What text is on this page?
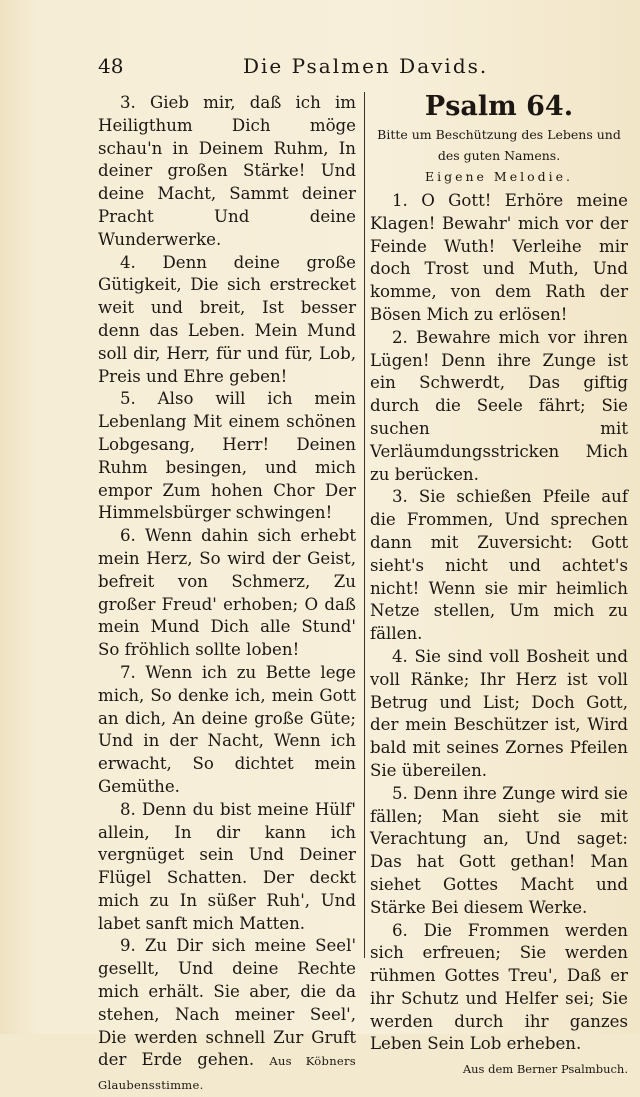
48	Die Psalmen Davids.

3. Gieb mir, daß ich im Heiligthum Dich möge schau'n in Deinem Ruhm, In deiner großen Stärke! Und deine Macht, Sammt deiner Pracht Und deine Wunderwerke.

4. Denn deine große Gütigkeit, Die sich erstrecket weit und breit, Ist besser denn das Leben. Mein Mund soll dir, Herr, für und für, Lob, Preis und Ehre geben!

5. Also will ich mein Lebenlang Mit einem schönen Lobgesang, Herr! Deinen Ruhm besingen, und mich empor Zum hohen Chor Der Himmelsbürger schwingen!

6. Wenn dahin sich erhebt mein Herz, So wird der Geist, befreit von Schmerz, Zu großer Freud' erhoben; O daß mein Mund Dich alle Stund' So fröhlich sollte loben!

7. Wenn ich zu Bette lege mich, So denke ich, mein Gott an dich, An deine große Güte; Und in der Nacht, Wenn ich erwacht, So dichtet mein Gemüthe.

8. Denn du bist meine Hülf' allein, In dir kann ich vergnüget sein Und Deiner Flügel Schatten. Der deckt mich zu In süßer Ruh', Und labet sanft mich Matten.

9. Zu Dir sich meine Seel' gesellt, Und deine Rechte mich erhält. Sie aber, die da stehen, Nach meiner Seel', Die werden schnell Zur Gruft der Erde gehen. Aus Köbners Glaubensstimme.

Psalm 64.

Bitte um Beschützung des Lebens und

des guten Namens.

Eigene Melodie.

1. O Gott! Erhöre meine Klagen! Bewahr' mich vor der Feinde Wuth! Verleihe mir doch Trost und Muth, Und komme, von dem Rath der Bösen Mich zu erlösen!

2. Bewahre mich vor ihren Lügen! Denn ihre Zunge ist ein Schwerdt, Das giftig durch die Seele fährt; Sie suchen mit Verläumdungsstricken Mich zu berücken.

3. Sie schießen Pfeile auf die Frommen, Und sprechen dann mit Zuversicht: Gott sieht's nicht und achtet's nicht! Wenn sie mir heimlich Netze stellen, Um mich zu fällen.

4. Sie sind voll Bosheit und voll Ränke; Ihr Herz ist voll Betrug und List; Doch Gott, der mein Beschützer ist, Wird bald mit seines Zornes Pfeilen Sie übereilen.

5. Denn ihre Zunge wird sie fällen; Man sieht sie mit Verachtung an, Und saget: Das hat Gott gethan! Man siehet Gottes Macht und Stärke Bei diesem Werke.

6. Die Frommen werden sich erfreuen; Sie werden rühmen Gottes Treu', Daß er ihr Schutz und Helfer sei; Sie werden durch ihr ganzes Leben Sein Lob erheben.

Aus dem Berner Psalmbuch.
